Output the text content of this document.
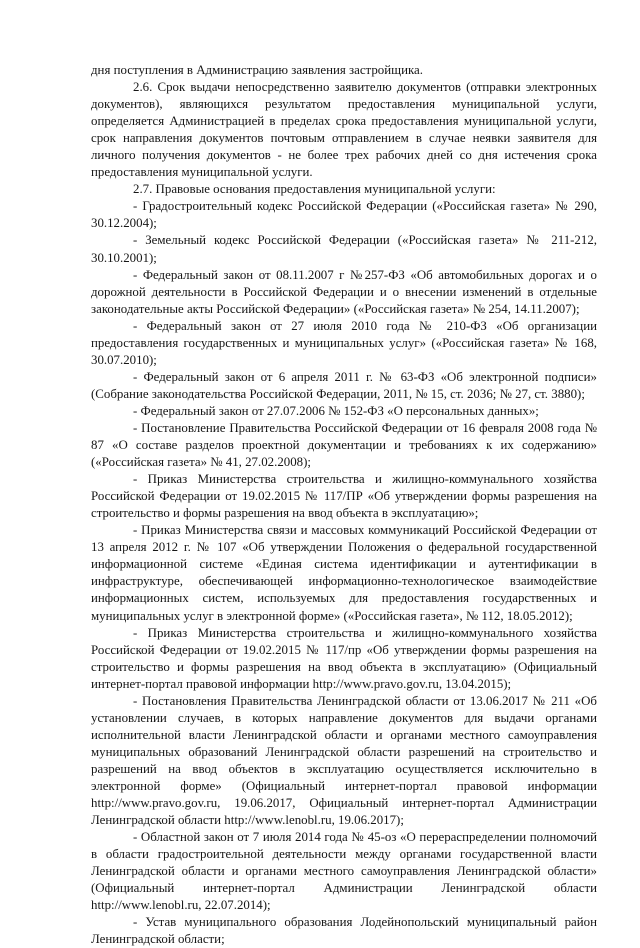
дня поступления в Администрацию заявления застройщика.

2.6. Срок выдачи непосредственно заявителю документов (отправки электронных документов), являющихся результатом предоставления муниципальной услуги, определяется Администрацией в пределах срока предоставления муниципальной услуги, срок направления документов почтовым отправлением в случае неявки заявителя для личного получения документов - не более трех рабочих дней со дня истечения срока предоставления муниципальной услуги.

2.7. Правовые основания предоставления муниципальной услуги:

- Градостроительный кодекс Российской Федерации («Российская газета» № 290, 30.12.2004);

- Земельный кодекс Российской Федерации («Российская газета» № 211-212, 30.10.2001);

- Федеральный закон от 08.11.2007 г №257-ФЗ «Об автомобильных дорогах и о дорожной деятельности в Российской Федерации и о внесении изменений в отдельные законодательные акты Российской Федерации» («Российская газета» № 254, 14.11.2007);

- Федеральный закон от 27 июля 2010 года № 210-ФЗ «Об организации предоставления государственных и муниципальных услуг» («Российская газета» № 168, 30.07.2010);

- Федеральный закон от 6 апреля 2011 г. № 63-ФЗ «Об электронной подписи» (Собрание законодательства Российской Федерации, 2011, № 15, ст. 2036; № 27, ст. 3880);

- Федеральный закон от 27.07.2006 № 152-ФЗ «О персональных данных»;

- Постановление Правительства Российской Федерации от 16 февраля 2008 года № 87 «О составе разделов проектной документации и требованиях к их содержанию» («Российская газета» № 41, 27.02.2008);

- Приказ Министерства строительства и жилищно-коммунального хозяйства Российской Федерации от 19.02.2015 № 117/ПР «Об утверждении формы разрешения на строительство и формы разрешения на ввод объекта в эксплуатацию»;

- Приказ Министерства связи и массовых коммуникаций Российской Федерации от 13 апреля 2012 г. № 107 «Об утверждении Положения о федеральной государственной информационной системе «Единая система идентификации и аутентификации в инфраструктуре, обеспечивающей информационно-технологическое взаимодействие информационных систем, используемых для предоставления государственных и муниципальных услуг в электронной форме» («Российская газета», № 112, 18.05.2012);

- Приказ Министерства строительства и жилищно-коммунального хозяйства Российской Федерации от 19.02.2015 № 117/пр «Об утверждении формы разрешения на строительство и формы разрешения на ввод объекта в эксплуатацию» (Официальный интернет-портал правовой информации http://www.pravo.gov.ru, 13.04.2015);

- Постановления Правительства Ленинградской области от 13.06.2017 № 211 «Об установлении случаев, в которых направление документов для выдачи органами исполнительной власти Ленинградской области и органами местного самоуправления муниципальных образований Ленинградской области разрешений на строительство и разрешений на ввод объектов в эксплуатацию осуществляется исключительно в электронной форме» (Официальный интернет-портал правовой информации http://www.pravo.gov.ru, 19.06.2017, Официальный интернет-портал Администрации Ленинградской области http://www.lenobl.ru, 19.06.2017);

- Областной закон от 7 июля 2014 года № 45-оз «О перераспределении полномочий в области градостроительной деятельности между органами государственной власти Ленинградской области и органами местного самоуправления Ленинградской области» (Официальный интернет-портал Администрации Ленинградской области http://www.lenobl.ru, 22.07.2014);

- Устав муниципального образования Лодейнопольский муниципальный район Ленинградской области;
